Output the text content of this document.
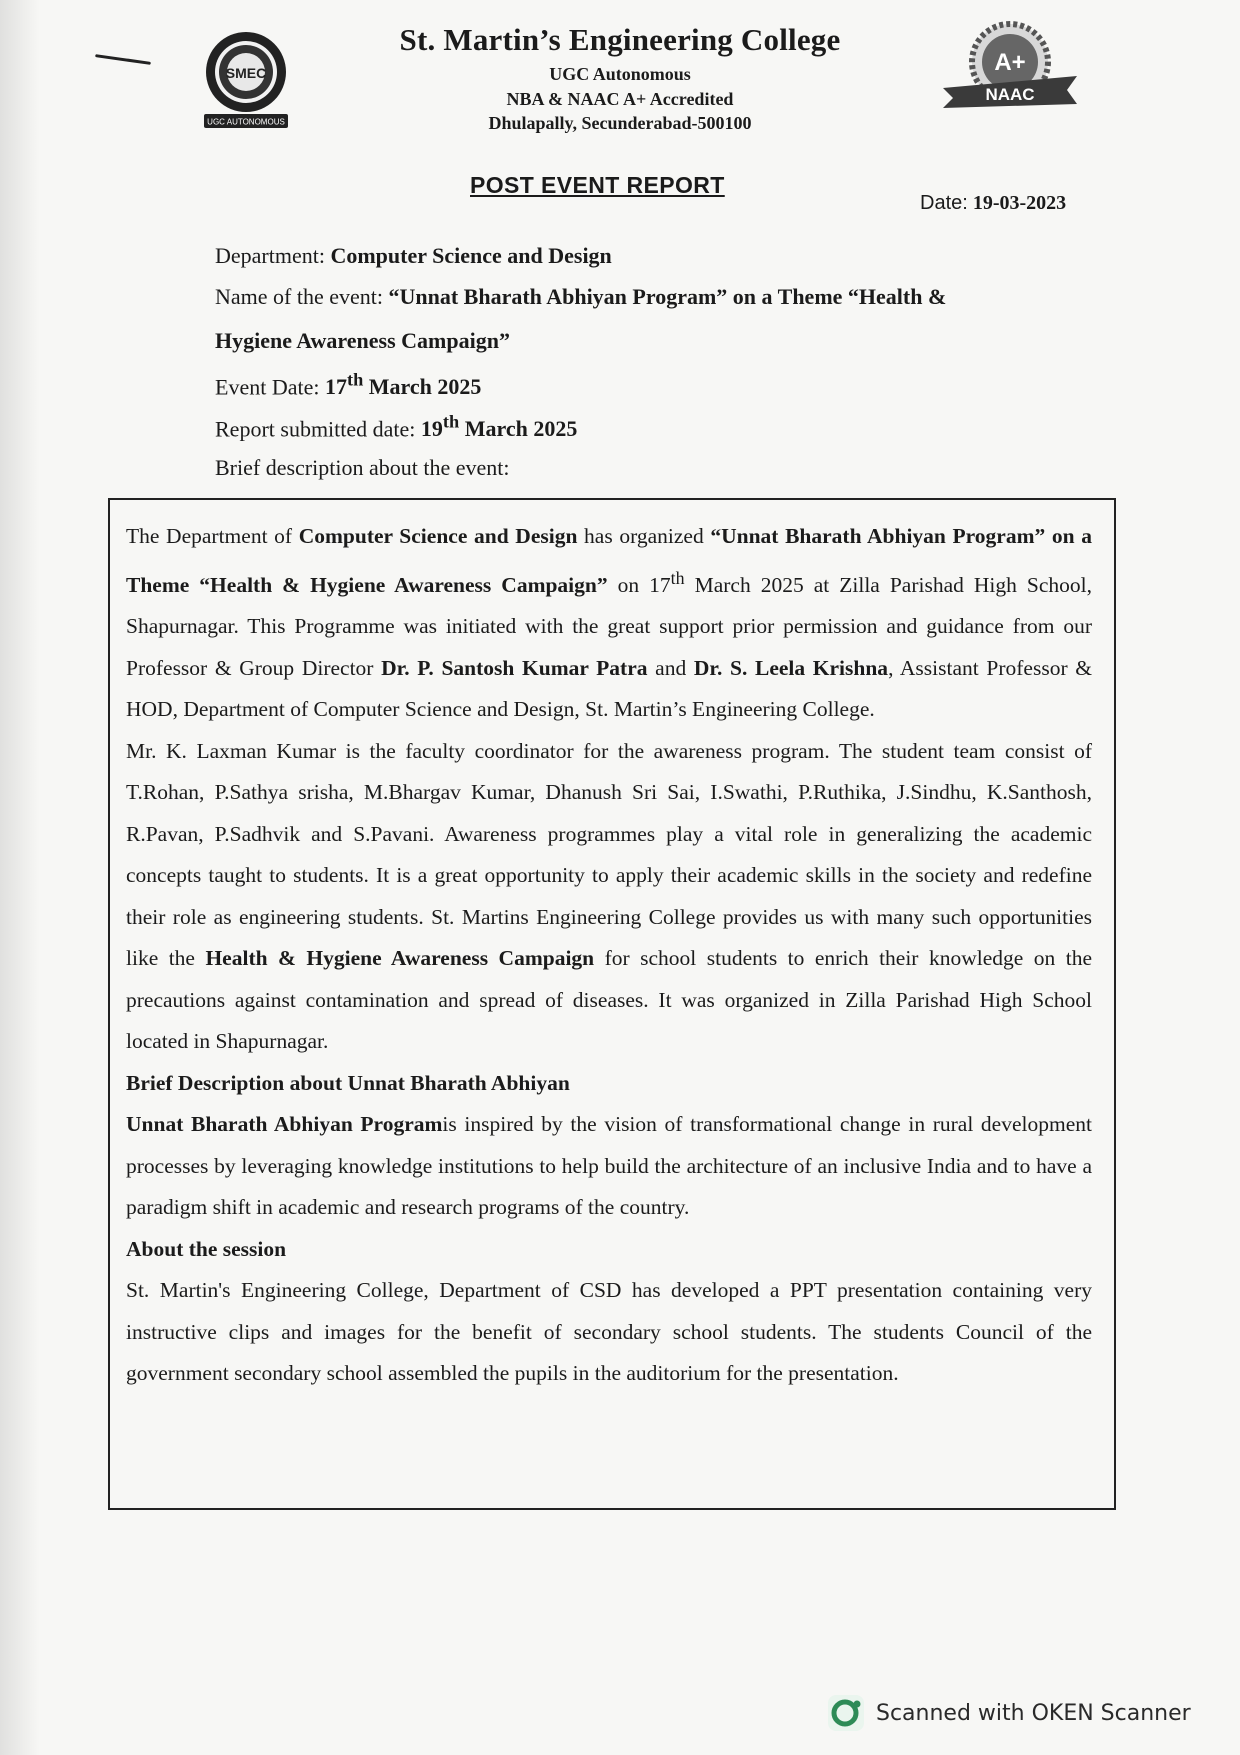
SMEC
UGC AUTONOMOUS
St. Martin’s Engineering College
UGC Autonomous
NBA & NAAC A+ Accredited
Dhulapally, Secunderabad-500100
A+
NAAC
POST EVENT REPORT
Date: 19-03-2023
Department: Computer Science and Design
Name of the event: “Unnat Bharath Abhiyan Program” on a Theme “Health &
Hygiene Awareness Campaign”
Event Date: 17th March 2025
Report submitted date: 19th March 2025
Brief description about the event:

The Department of Computer Science and Design has organized “Unnat Bharath Abhiyan Program” on a Theme “Health & Hygiene Awareness Campaign” on 17th March 2025 at Zilla Parishad High School, Shapurnagar. This Programme was initiated with the great support prior permission and guidance from our Professor & Group Director Dr. P. Santosh Kumar Patra and Dr. S. Leela Krishna, Assistant Professor & HOD, Department of Computer Science and Design, St. Martin’s Engineering College.

Mr. K. Laxman Kumar is the faculty coordinator for the awareness program. The student team consist of T.Rohan, P.Sathya srisha, M.Bhargav Kumar, Dhanush Sri Sai, I.Swathi, P.Ruthika, J.Sindhu, K.Santhosh, R.Pavan, P.Sadhvik and S.Pavani. Awareness programmes play a vital role in generalizing the academic concepts taught to students. It is a great opportunity to apply their academic skills in the society and redefine their role as engineering students. St. Martins Engineering College provides us with many such opportunities like the Health & Hygiene Awareness Campaign for school students to enrich their knowledge on the precautions against contamination and spread of diseases. It was organized in Zilla Parishad High School located in Shapurnagar.

Brief Description about Unnat Bharath Abhiyan

Unnat Bharath Abhiyan Programis inspired by the vision of transformational change in rural development processes by leveraging knowledge institutions to help build the architecture of an inclusive India and to have a paradigm shift in academic and research programs of the country.

About the session

St. Martin's Engineering College, Department of CSD has developed a PPT presentation containing very instructive clips and images for the benefit of secondary school students. The students Council of the government secondary school assembled the pupils in the auditorium for the presentation.

Scanned with OKEN Scanner
